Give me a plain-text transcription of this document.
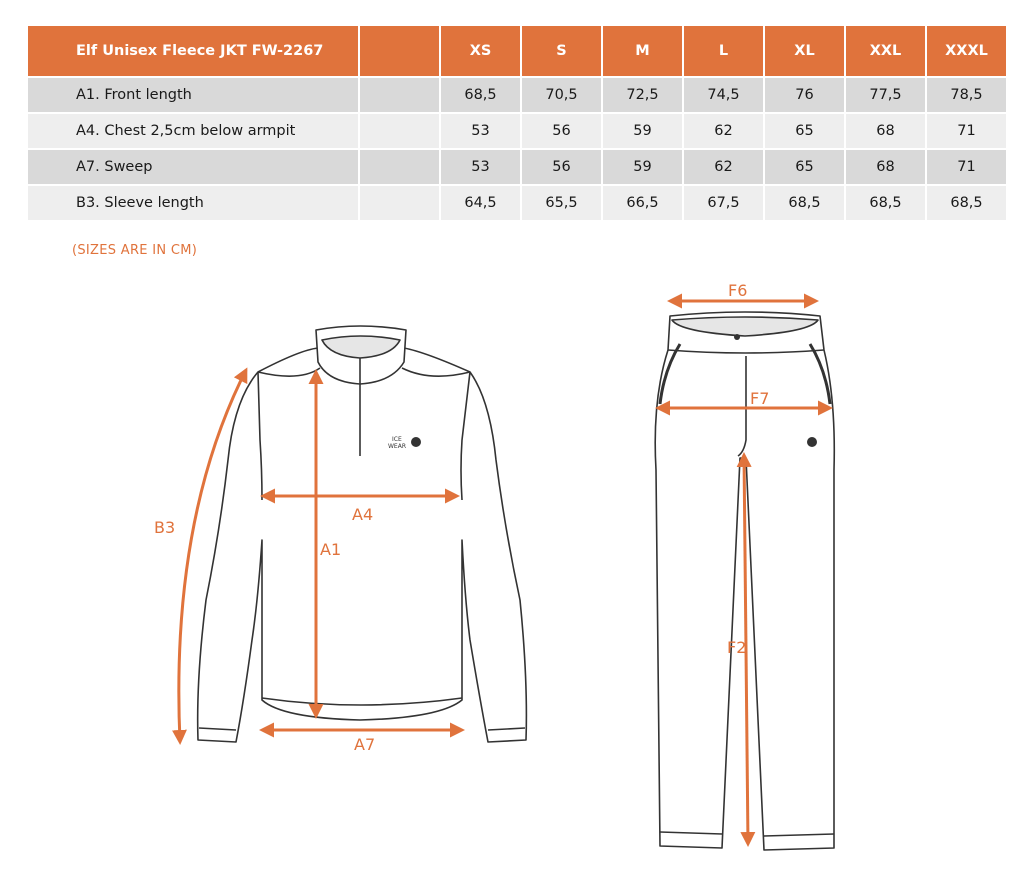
Elf Unisex Fleece JKT FW-2267		XS	S	M	L	XL	XXL	XXXL
A1. Front length		68,5	70,5	72,5	74,5	76	77,5	78,5
A4. Chest 2,5cm below armpit		53	56	59	62	65	68	71
A7. Sweep		53	56	59	62	65	68	71
B3. Sleeve length		64,5	65,5	66,5	67,5	68,5	68,5	68,5
(SIZES ARE IN CM)
ICE
WEAR
B3
A4
A1
A7
F6
F7
F2
